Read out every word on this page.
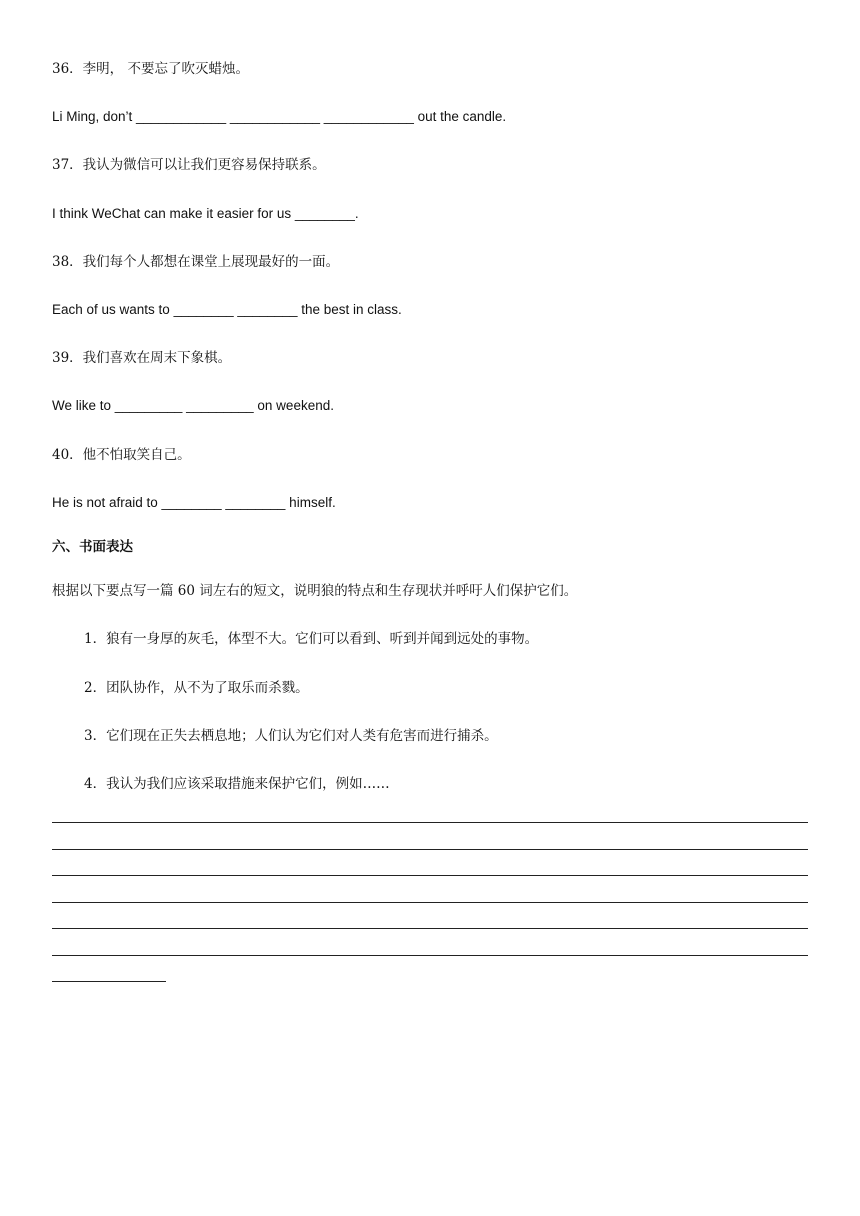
36．李明， 不要忘了吹灭蜡烛。
Li Ming, don’t ____________ ____________ ____________ out the candle.
37．我认为微信可以让我们更容易保持联系。
I think WeChat can make it easier for us ________.
38．我们每个人都想在课堂上展现最好的一面。
Each of us wants to ________ ________ the best in class.
39．我们喜欢在周末下象棋。
We like to _________ _________ on weekend.
40．他不怕取笑自己。
He is not afraid to ________ ________ himself.
六、书面表达
根据以下要点写一篇 60 词左右的短文，说明狼的特点和生存现状并呼吁人们保护它们。
1．狼有一身厚的灰毛，体型不大。它们可以看到、听到并闻到远处的事物。
2．团队协作，从不为了取乐而杀戮。
3．它们现在正失去栖息地；人们认为它们对人类有危害而进行捕杀。
4．我认为我们应该采取措施来保护它们，例如……
